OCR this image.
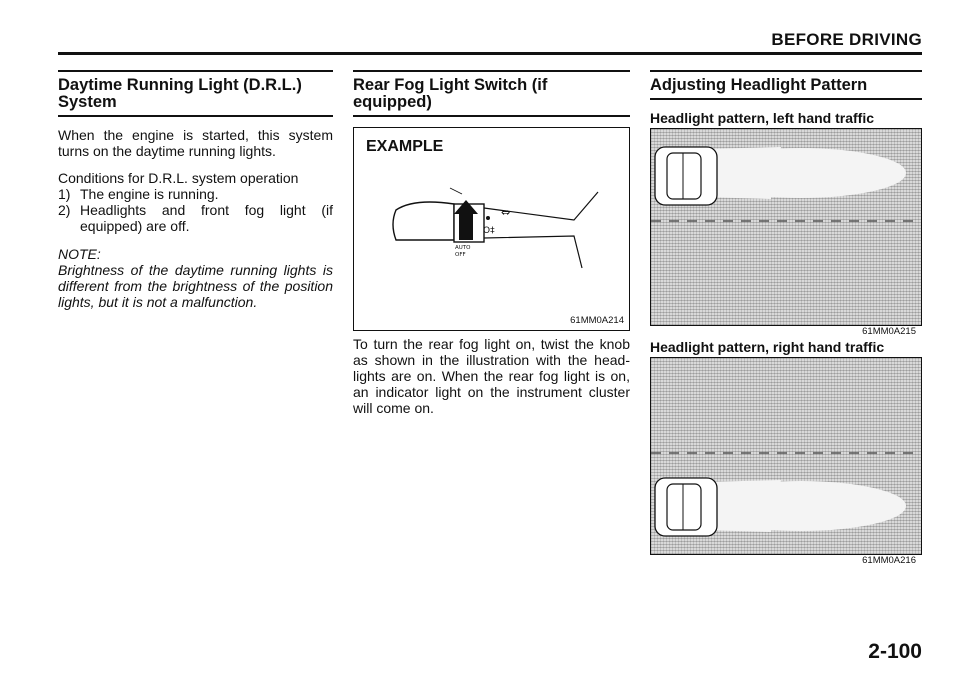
BEFORE DRIVING
Daytime Running Light (D.R.L.) System

When the engine is started, this system turns on the daytime running lights.

Conditions for D.R.L. system operation
1) The engine is running.
2) Headlights and front fog light (if equipped) are off.
NOTE:

Brightness of the daytime running lights is different from the brightness of the position lights, but it is not a malfunction.

Rear Fog Light Switch (if equipped)
EXAMPLE
O‡
⇔
AUTO
OFF
61MM0A214

To turn the rear fog light on, twist the knob as shown in the illustration with the head-lights are on. When the rear fog light is on, an indicator light on the instrument cluster will come on.

Adjusting Headlight Pattern
Headlight pattern, left hand traffic
61MM0A215
Headlight pattern, right hand traffic
61MM0A216
2-100
